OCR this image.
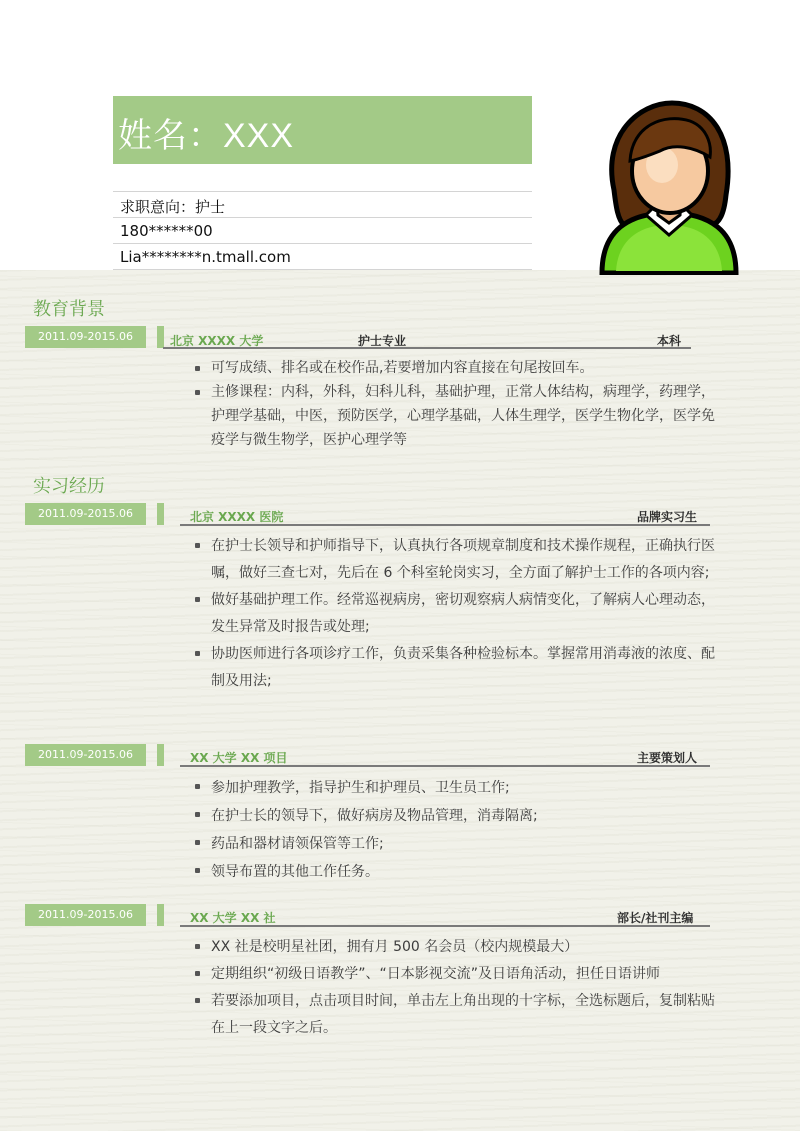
姓名：XXX
求职意向：护士
180******00
Lia********n.tmall.com
教育背景
2011.09-2015.06	北京 XXXX 大学	护士专业	本科
可写成绩、排名或在校作品,若要增加内容直接在句尾按回车。
主修课程：内科，外科，妇科儿科，基础护理，正常人体结构，病理学，药理学，护理学基础，中医，预防医学，心理学基础，人体生理学，医学生物化学，医学免疫学与微生物学，医护心理学等
实习经历
2011.09-2015.06	北京 XXXX 医院	品牌实习生
在护士长领导和护师指导下，认真执行各项规章制度和技术操作规程，正确执行医嘱，做好三查七对，先后在 6 个科室轮岗实习，全方面了解护士工作的各项内容;
做好基础护理工作。经常巡视病房，密切观察病人病情变化，了解病人心理动态，发生异常及时报告或处理;
协助医师进行各项诊疗工作，负责采集各种检验标本。掌握常用消毒液的浓度、配制及用法;
2011.09-2015.06	XX 大学 XX 项目	主要策划人
参加护理教学，指导护生和护理员、卫生员工作;
在护士长的领导下，做好病房及物品管理，消毒隔离;
药品和器材请领保管等工作;
领导布置的其他工作任务。
2011.09-2015.06	XX 大学 XX 社	部长/社刊主编
XX 社是校明星社团，拥有月 500 名会员（校内规模最大）
定期组织“初级日语教学”、“日本影视交流”及日语角活动，担任日语讲师
若要添加项目，点击项目时间，单击左上角出现的十字标，全选标题后，复制粘贴在上一段文字之后。
